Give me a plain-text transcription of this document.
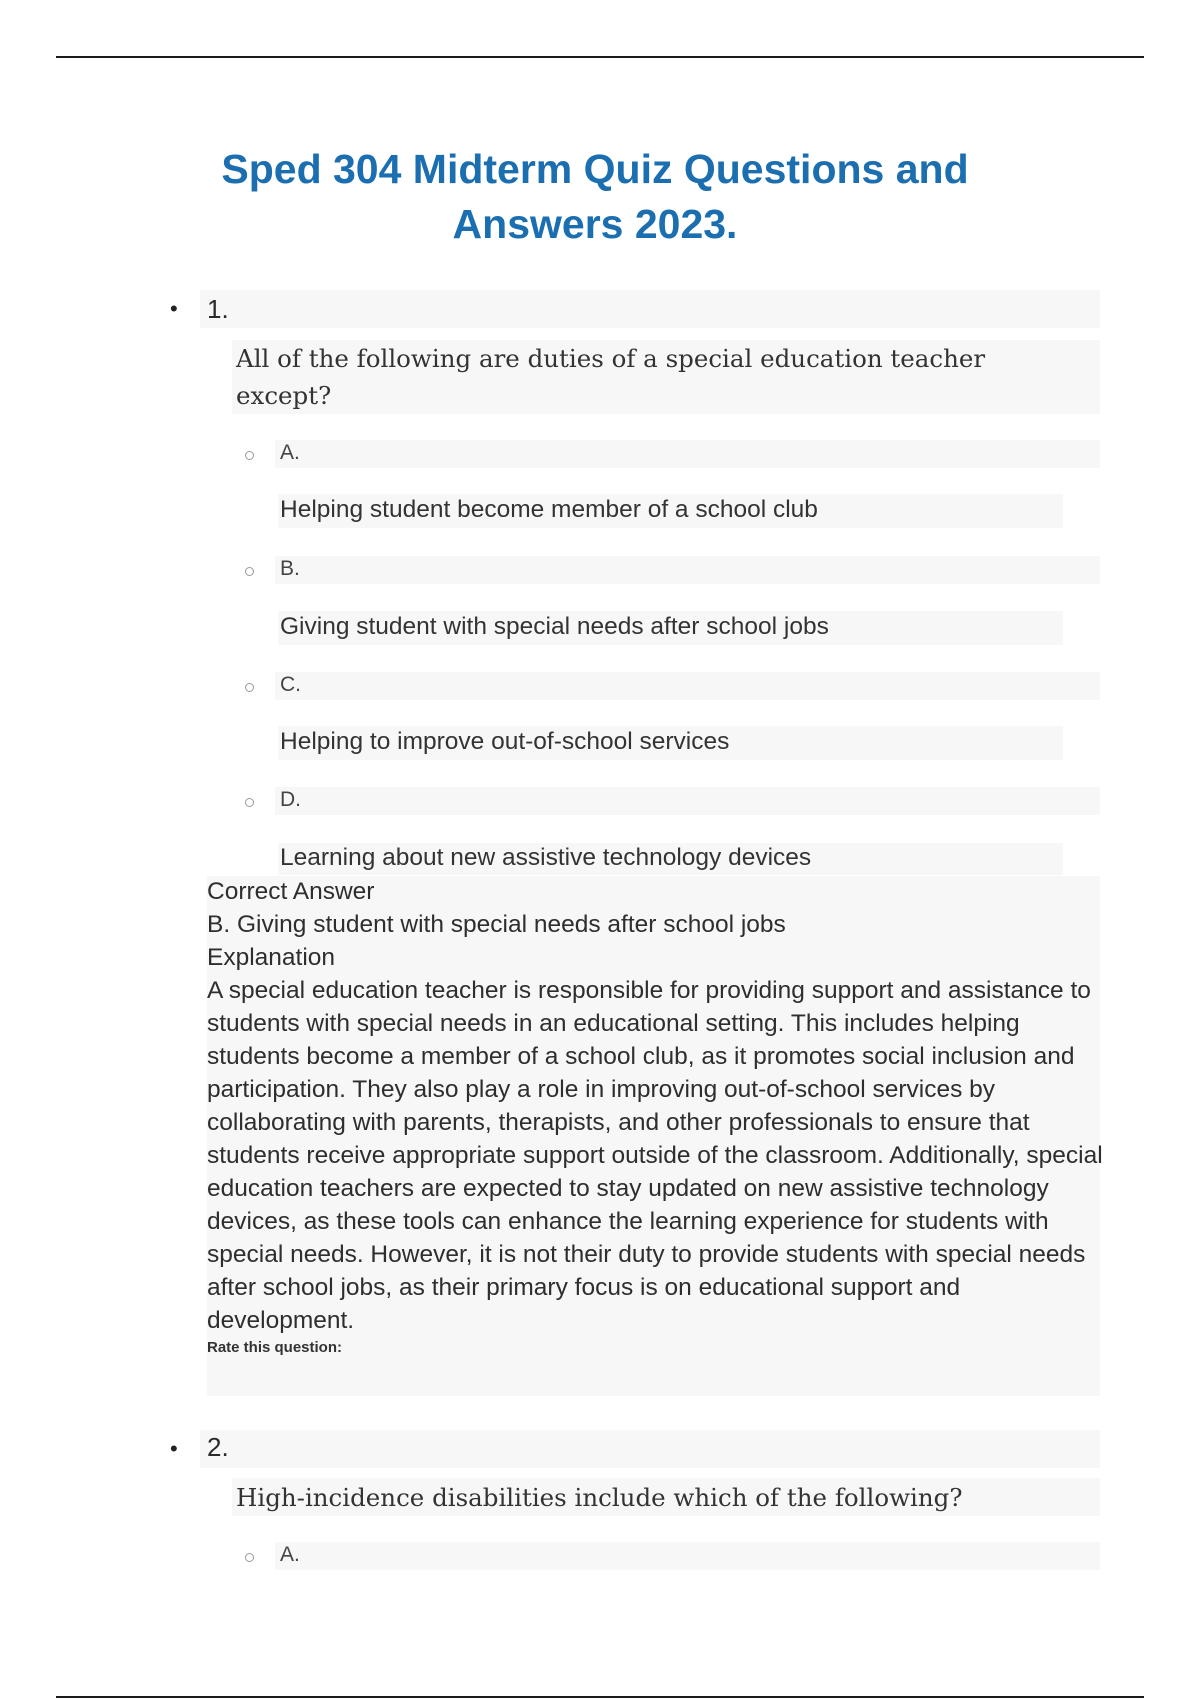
Sped 304 Midterm Quiz Questions and
Answers 2023.
• 1.
All of the following are duties of a special education teacher except?
A.
Helping student become member of a school club
B.
Giving student with special needs after school jobs
C.
Helping to improve out-of-school services
D.
Learning about new assistive technology devices
Correct Answer
B. Giving student with special needs after school jobs
Explanation
A special education teacher is responsible for providing support and assistance to students with special needs in an educational setting. This includes helping students become a member of a school club, as it promotes social inclusion and participation. They also play a role in improving out-of-school services by collaborating with parents, therapists, and other professionals to ensure that students receive appropriate support outside of the classroom. Additionally, special education teachers are expected to stay updated on new assistive technology devices, as these tools can enhance the learning experience for students with special needs. However, it is not their duty to provide students with special needs after school jobs, as their primary focus is on educational support and development.
Rate this question:
• 2.
High-incidence disabilities include which of the following?
A.
